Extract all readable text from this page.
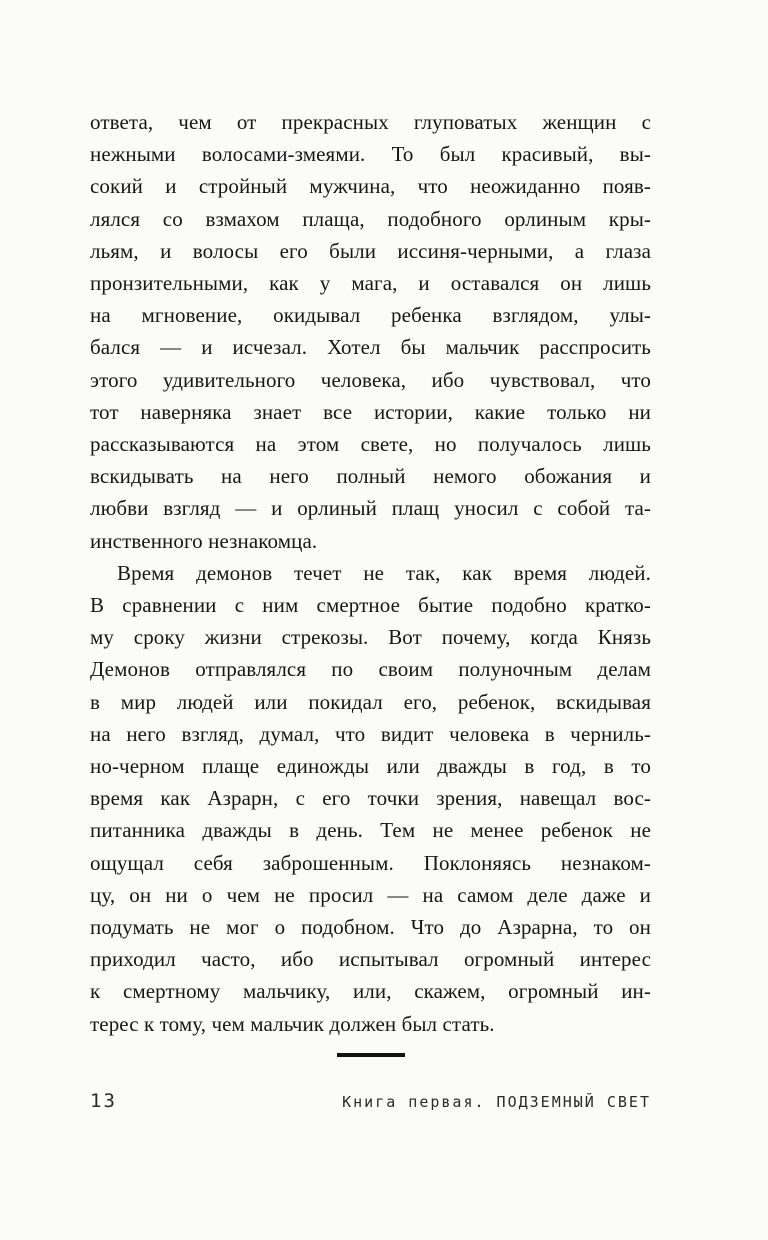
ответа, чем от прекрасных глуповатых женщин с
нежными волосами-змеями. То был красивый, вы-
сокий и стройный мужчина, что неожиданно появ-
лялся со взмахом плаща, подобного орлиным кры-
льям, и волосы его были иссиня-черными, а глаза
пронзительными, как у мага, и оставался он лишь
на мгновение, окидывал ребенка взглядом, улы-
бался — и исчезал. Хотел бы мальчик расспросить
этого удивительного человека, ибо чувствовал, что
тот наверняка знает все истории, какие только ни
рассказываются на этом свете, но получалось лишь
вскидывать на него полный немого обожания и
любви взгляд — и орлиный плащ уносил с собой та-
инственного незнакомца.
Время демонов течет не так, как время людей.
В сравнении с ним смертное бытие подобно кратко-
му сроку жизни стрекозы. Вот почему, когда Князь
Демонов отправлялся по своим полуночным делам
в мир людей или покидал его, ребенок, вскидывая
на него взгляд, думал, что видит человека в черниль-
но-черном плаще единожды или дважды в год, в то
время как Азрарн, с его точки зрения, навещал вос-
питанника дважды в день. Тем не менее ребенок не
ощущал себя заброшенным. Поклоняясь незнаком-
цу, он ни о чем не просил — на самом деле даже и
подумать не мог о подобном. Что до Азрарна, то он
приходил часто, ибо испытывал огромный интерес
к смертному мальчику, или, скажем, огромный ин-
терес к тому, чем мальчик должен был стать.
13	Книга первая. ПОДЗЕМНЫЙ СВЕТ
